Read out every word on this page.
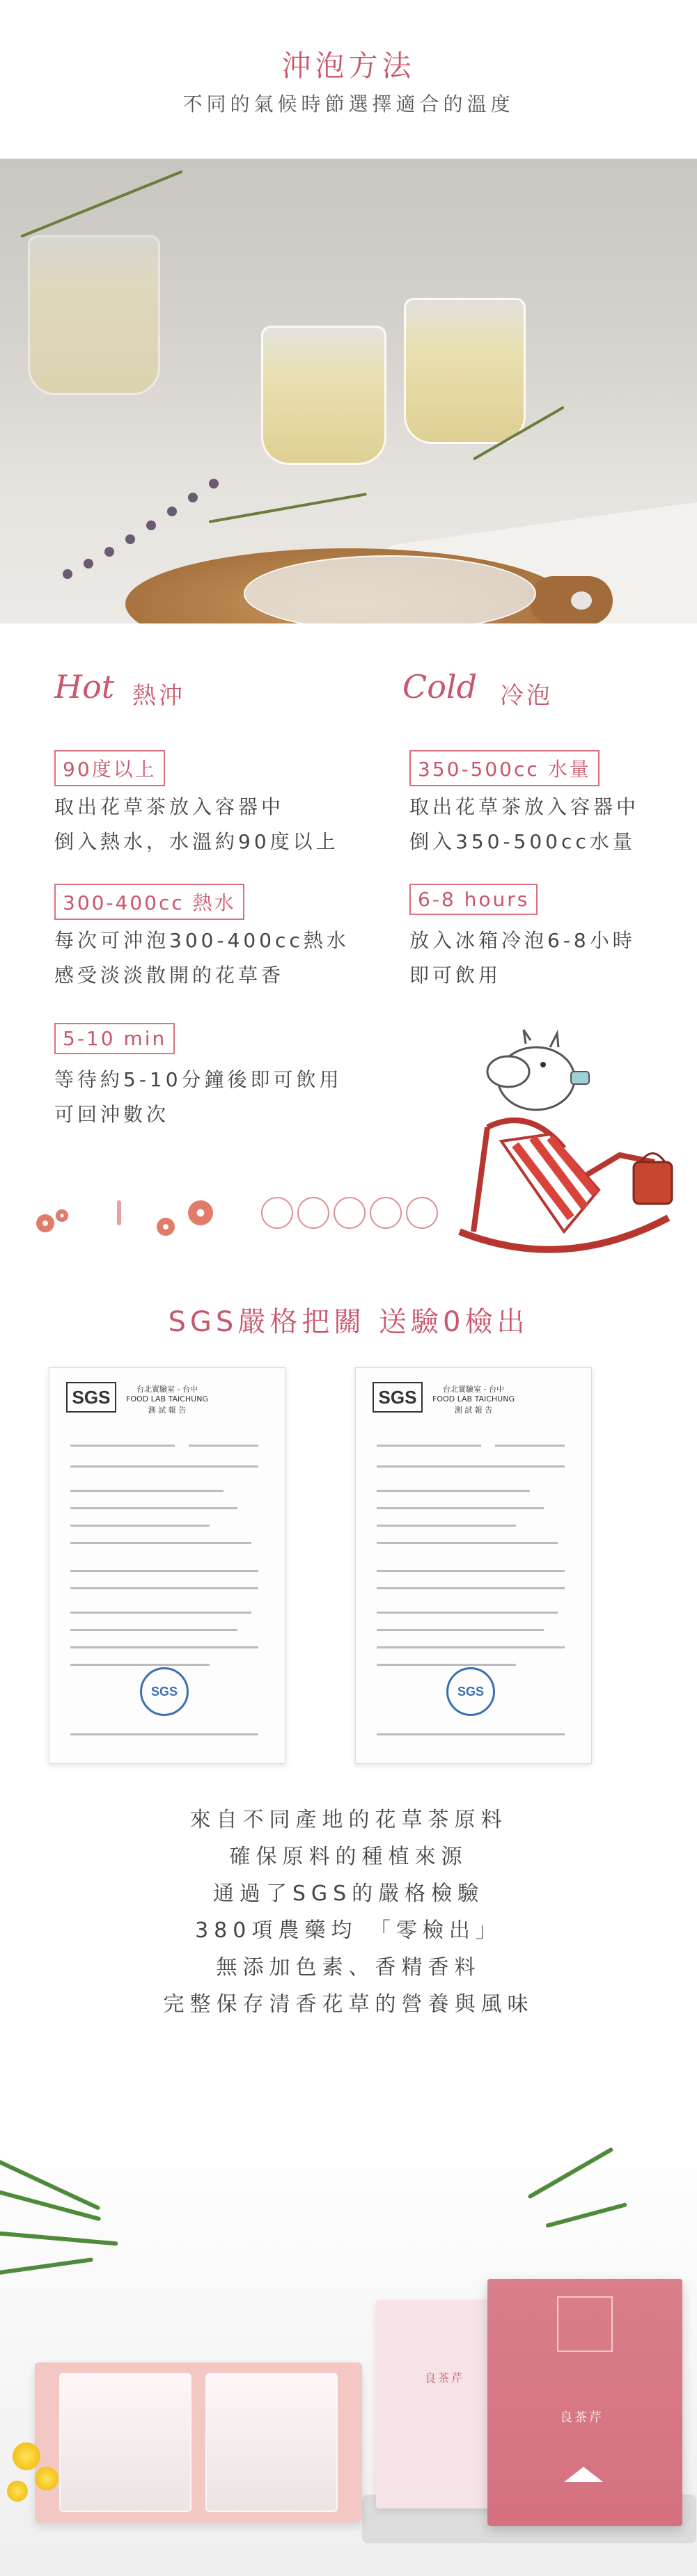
沖泡方法
不同的氣候時節選擇適合的溫度
Hot 熱沖
90度以上
取出花草茶放入容器中
倒入熱水，水溫約90度以上
300-400cc 熱水
每次可沖泡300-400cc熱水
感受淡淡散開的花草香
5-10 min
等待約5-10分鐘後即可飲用
可回沖數次
Cold 冷泡
350-500cc 水量
取出花草茶放入容器中
倒入350-500cc水量
6-8 hours
放入冰箱冷泡6-8小時
即可飲用
SGS嚴格把關 送驗0檢出
SGS	台北實驗室 - 台中
FOOD LAB TAICHUNG
測 試 報 告
SGS
SGS	台北實驗室 - 台中
FOOD LAB TAICHUNG
測 試 報 告
SGS
來自不同產地的花草茶原料
確保原料的種植來源
通過了SGS的嚴格檢驗
380項農藥均 「零檢出」
無添加色素、香精香料
完整保存清香花草的營養與風味
良茶芹
良茶芹
